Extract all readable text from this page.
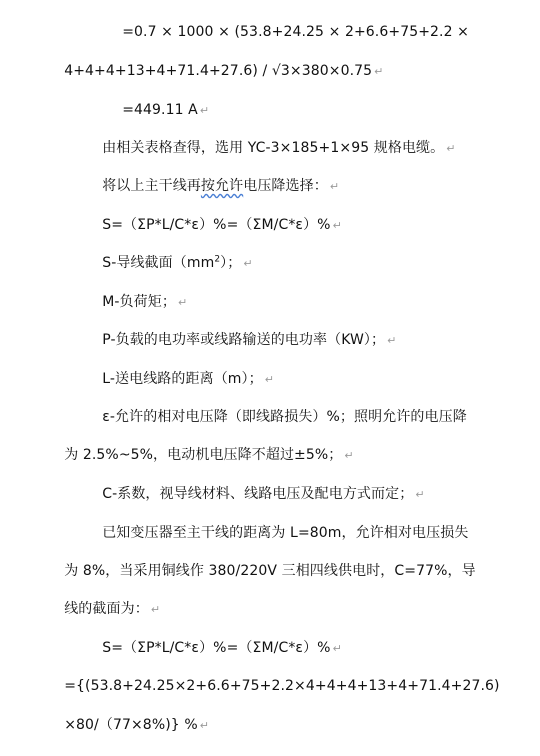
=0.7 × 1000 × (53.8+24.25 × 2+6.6+75+2.2 ×

4+4+4+13+4+71.4+27.6) / √3×380×0.75 ↵

=449.11 A ↵

由相关表格查得，选用 YC-3×185+1×95 规格电缆。 ↵

将以上主干线再按允许电压降选择： ↵

S=（ΣP*L/C*ε）%=（ΣM/C*ε）% ↵

S-导线截面$(mm^2)$； ↵

M-负荷矩； ↵

P-负载的电功率或线路输送的电功率（KW）； ↵

L-送电线路的距离（m）； ↵

ε-允许的相对电压降（即线路损失）%；照明允许的电压降

为 2.5%~5%，电动机电压降不超过±5%； ↵

C-系数，视导线材料、线路电压及配电方式而定； ↵

已知变压器至主干线的距离为 L=80m，允许相对电压损失

为 8%，当采用铜线作 380/220V 三相四线供电时，C=77%，导

线的截面为： ↵

S=（ΣP*L/C*ε）%=（ΣM/C*ε）% ↵

={(53.8+24.25×2+6.6+75+2.2×4+4+4+13+4+71.4+27.6)

×80/（77×8%)} % ↵
